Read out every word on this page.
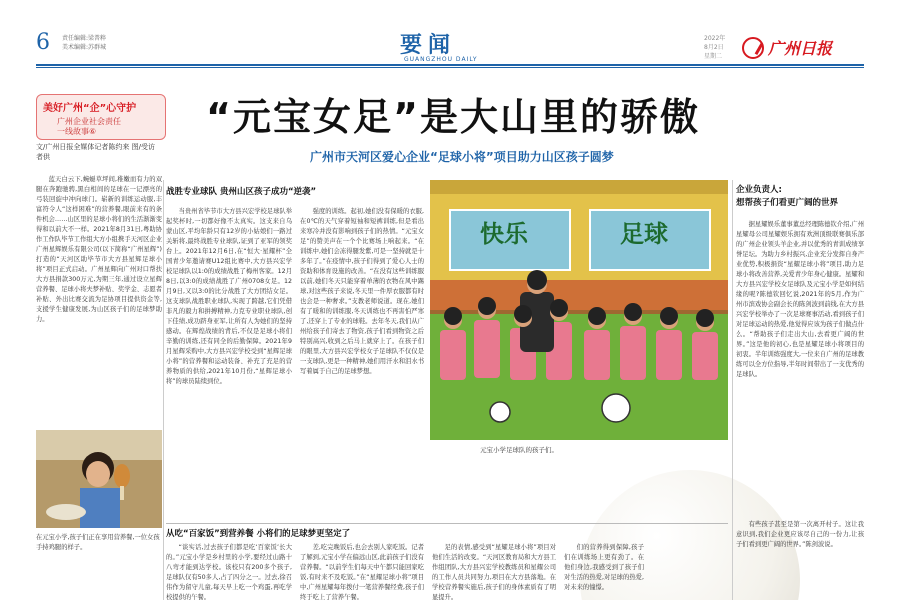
6 责任编辑:梁普粹
美术编辑:苏群城	要闻
GUANGZHOU DAILY
2022年
8月2日
星期二	广州日报
美好广州“企”心守护
广州企业社会责任
一线故事⑥
文/广州日报全媒体记者陈约来 图/受访者供
“元宝女足”是大山里的骄傲
广州市天河区爱心企业“足球小将”项目助力山区孩子圆梦

蓝天白云下,蜿蜒草坪间,稚嫩而有力的双腿在奔跑驰骋,黑白相间的足球在一记漂亮的弓装回旋中冲向球门。崭新的训练运动服,丰富符令人“这样困难”的营养餐,眼前来有的条件机会……山区里的足球小将们的生活渐渐变得和以前大不一样。2021年8月31日,粤助协作工作队毕节工作组大方小组携手天河区企业广州星辉娱乐有限公司(以下简称“广州星辉”)打造的“天河区助毕节市大方县星辉足球小将”项目正式启动。广州星辉向广州对口帮扶大方县捐款300万元,为期三年,通过设立星辉营养餐、足球小将夫梦补贴、奖学金、志愿者补贴、外出比赛交流为足协项目提供资金等,支援学生健康发展,为山区孩子们的足球梦助力。

在元宝小学,孩子们正在享用营养餐,一位女孩手持鸡腿的样子。
战胜专业球队 贵州山区孩子成功“逆袭”

当贵州省毕节市大方县兴宏学校足球队举起奖杯时,一切都好像不太真实。这支来自乌蒙山区,平均年龄只有12岁的小姑娘们一路过关斩将,最终战胜专业球队,证到了亚军的领奖台上。2021年12月6日,在“恒大·星耀杯”全国青少年邀请赛U12组比赛中,大方县兴宏学校足球队以1:0的成绩战胜了梅州客家。12月8日,以3:0的成绩战胜了广州0708女足。12月9日,又以3:0的比分战胜了大方团结女足。这支球队战胜职业球队,实现了跨越,它们凭借非凡的毅力和拼搏精神,力克专业职业球队,创下佳绩,成功跻身亚军,让所有人为她们的坚持感动。在辉煌战绩的背后,不仅是足球小将们辛勤的训练,还有同全的后勤保障。2021年9月星辉采购中,大方县兴宏学校受到“星辉足球小将”的营养餐和运动装备、补充了充足的营养物质的供给,2021年10月份,“星辉足球小将”的球员陆续到位。

强度的训练。起初,她们没有保暖的衣服,在0℃的天气穿着短袖和短裤训练,但是看出来寒冷并没有影响到孩子们的热情。“元宝女足”的赞美声在一个个比赛场上响起来。“在训练中,她们会冻得腿发紫,可是一坚持就是十多年了。”在疫情中,孩子们得到了爱心人士的资助和体育设施的改善。“在没有这些训练服以前,她们冬天只能穿着单薄的衣物在风中踢球,对这些孩子来说,冬天里一件厚衣服都有时也会是一种奢求。”支教老师说道。现在,她们有了暖和的训练服,冬天训练也不再害怕严寒了,还穿上了专业的球鞋。去年冬天,我们从广州给孩子们寄去了物资,孩子们看到物资之后特别高兴,收到之后马上就穿上了。在孩子们的眼里,大方县兴宏学校女子足球队不仅仅是一支球队,更是一种精神,她们用汗水和泪水书写着属于自己的足球梦想。

快乐	足球
元宝小学足球队的孩子们。
企业负责人:
想帮孩子们看更广阔的世界

据星耀娱乐董事董总经理陈德钦介绍,广州星耀母公司星耀娱乐拥有欢洲顶级联赛俱乐部的广州企业领头羊企业,并以优秀的青训成绩享誉足坛。为助力乡村振兴,企业充分发挥自身产业优势,积极捐资“星耀足球小将”项目,助力足球小将改善营养,关爱青少年身心健康。星耀和大方县兴宏学校女足球队及元宝小学是如何结缘的呢?陈德钦回忆说,2021年的5月,作为广州市滨戏协会副会长的陈剑波到前线,在大方县兴宏学校举办了一次足球赛事活动,看到孩子们对足球运动的热爱,他觉得应该为孩子们做点什么。“帮助孩子们走出大山,去看更广阔的世界。”这是他的初心,也是星耀足球小将项目的初衷。半年训练强度大,一位来自广州的足球教练可以全方位指导,半年时间带出了一支优秀的足球队。

从吃“百家饭”到营养餐 小将们的足球梦更坚定了

“谈实话,过去孩子们都是吃‘百家饭’长大的。”元宝小学是乡村里的小学,要经过山路十八弯才能到达学校。该校只有200多个孩子,足球队仅有50多人,占了四分之一。过去,徐召伟作为留守儿童,每天早上吃一个鸡蛋,再吃学校提供的午餐。

差,吃完晚饭后,也会去别人家吃饭。记者了解到,元宝小学在偏远山区,此前孩子们没有营养餐。“以前学生们每天中午都只能回家吃饭,有时来不及吃饭。”在“星耀足球小将”项目中,广州星耀每年拨付一笔营养餐经费,孩子们终于吃上了营养午餐。

足的表情,感受到“星耀足球小将”项目对他们生活的改变。“天河区教育局和大方县工作组团队,大方县兴宏学校教练员和星耀公司的工作人员共同努力,项目在大方县落地。在学校营养餐实施后,孩子们的身体素质有了明显提升。

们的营养得到保障,孩子们在训练场上更有劲了。在他们身边,我感受到了孩子们对生活的热爱,对足球的热爱,对未来的憧憬。

有些孩子甚至是第一次离开村子。这让我意识到,我们企业更应该尽自己的一份力,让孩子们看到更广阔的世界。”陈剑波说。
